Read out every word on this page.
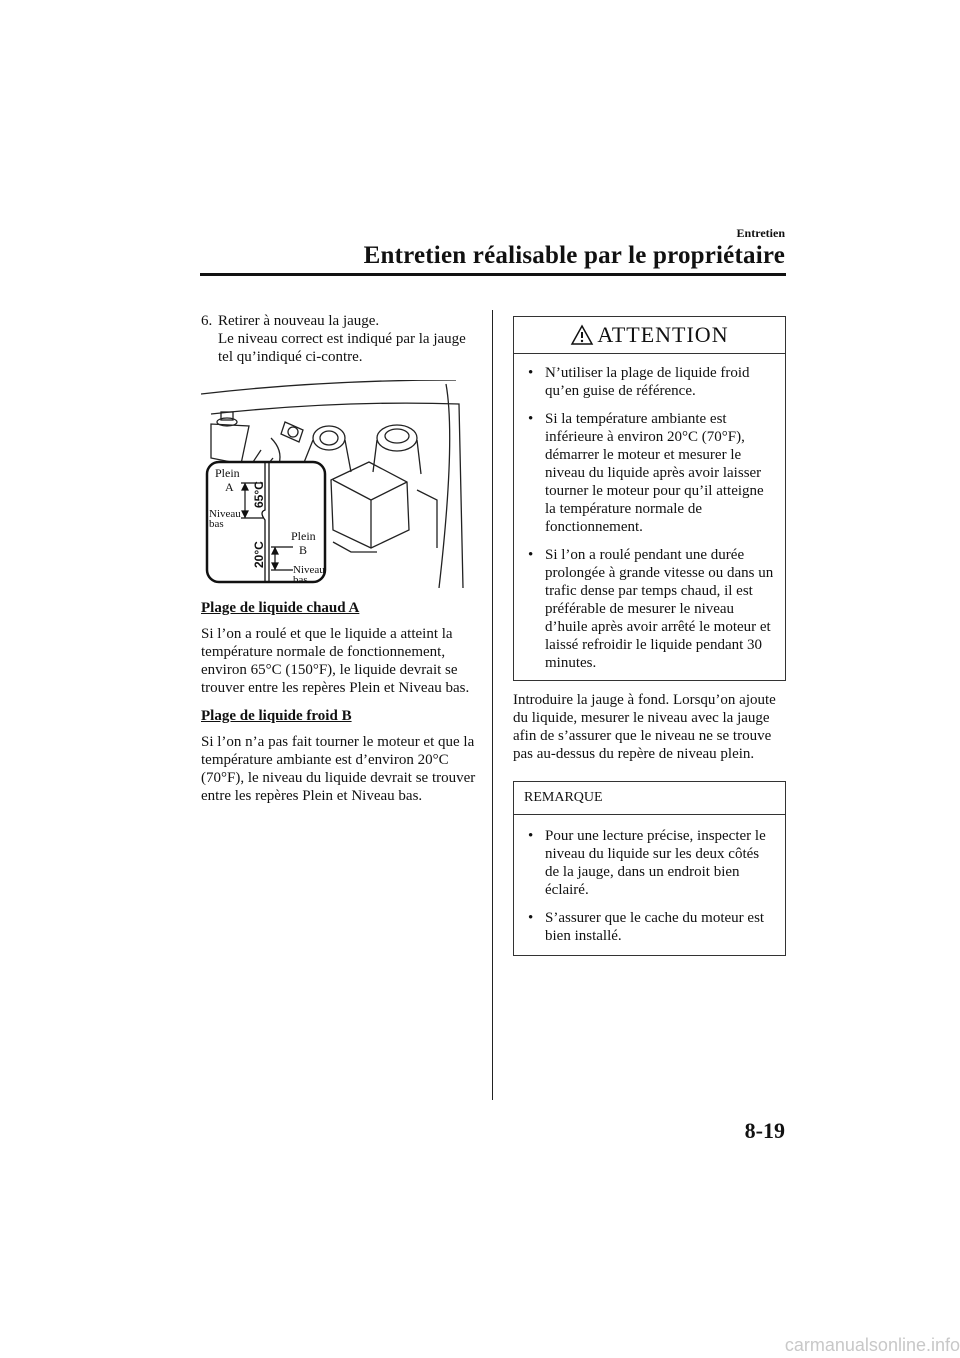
Entretien
Entretien réalisable par le propriétaire
6. Retirer à nouveau la jauge.

Le niveau correct est indiqué par la jauge tel qu’indiqué ci-contre.

Plein
A
Niveau
bas
Plein
B
Niveau
bas
65°C
20°C
Plage de liquide chaud A

Si l’on a roulé et que le liquide a atteint la température normale de fonctionnement, environ 65°C (150°F), le liquide devrait se trouver entre les repères Plein et Niveau bas.

Plage de liquide froid B

Si l’on n’a pas fait tourner le moteur et que la température ambiante est d’environ 20°C (70°F), le niveau du liquide devrait se trouver entre les repères Plein et Niveau bas.

ATTENTION
• N’utiliser la plage de liquide froid qu’en guise de référence.
• Si la température ambiante est inférieure à environ 20°C (70°F), démarrer le moteur et mesurer le niveau du liquide après avoir laisser tourner le moteur pour qu’il atteigne la température normale de fonctionnement.
• Si l’on a roulé pendant une durée prolongée à grande vitesse ou dans un trafic dense par temps chaud, il est préférable de mesurer le niveau d’huile après avoir arrêté le moteur et laissé refroidir le liquide pendant 30 minutes.

Introduire la jauge à fond. Lorsqu’on ajoute du liquide, mesurer le niveau avec la jauge afin de s’assurer que le niveau ne se trouve pas au-dessus du repère de niveau plein.

REMARQUE
• Pour une lecture précise, inspecter le niveau du liquide sur les deux côtés de la jauge, dans un endroit bien éclairé.
• S’assurer que le cache du moteur est bien installé.
8-19
carmanualsonline.info
